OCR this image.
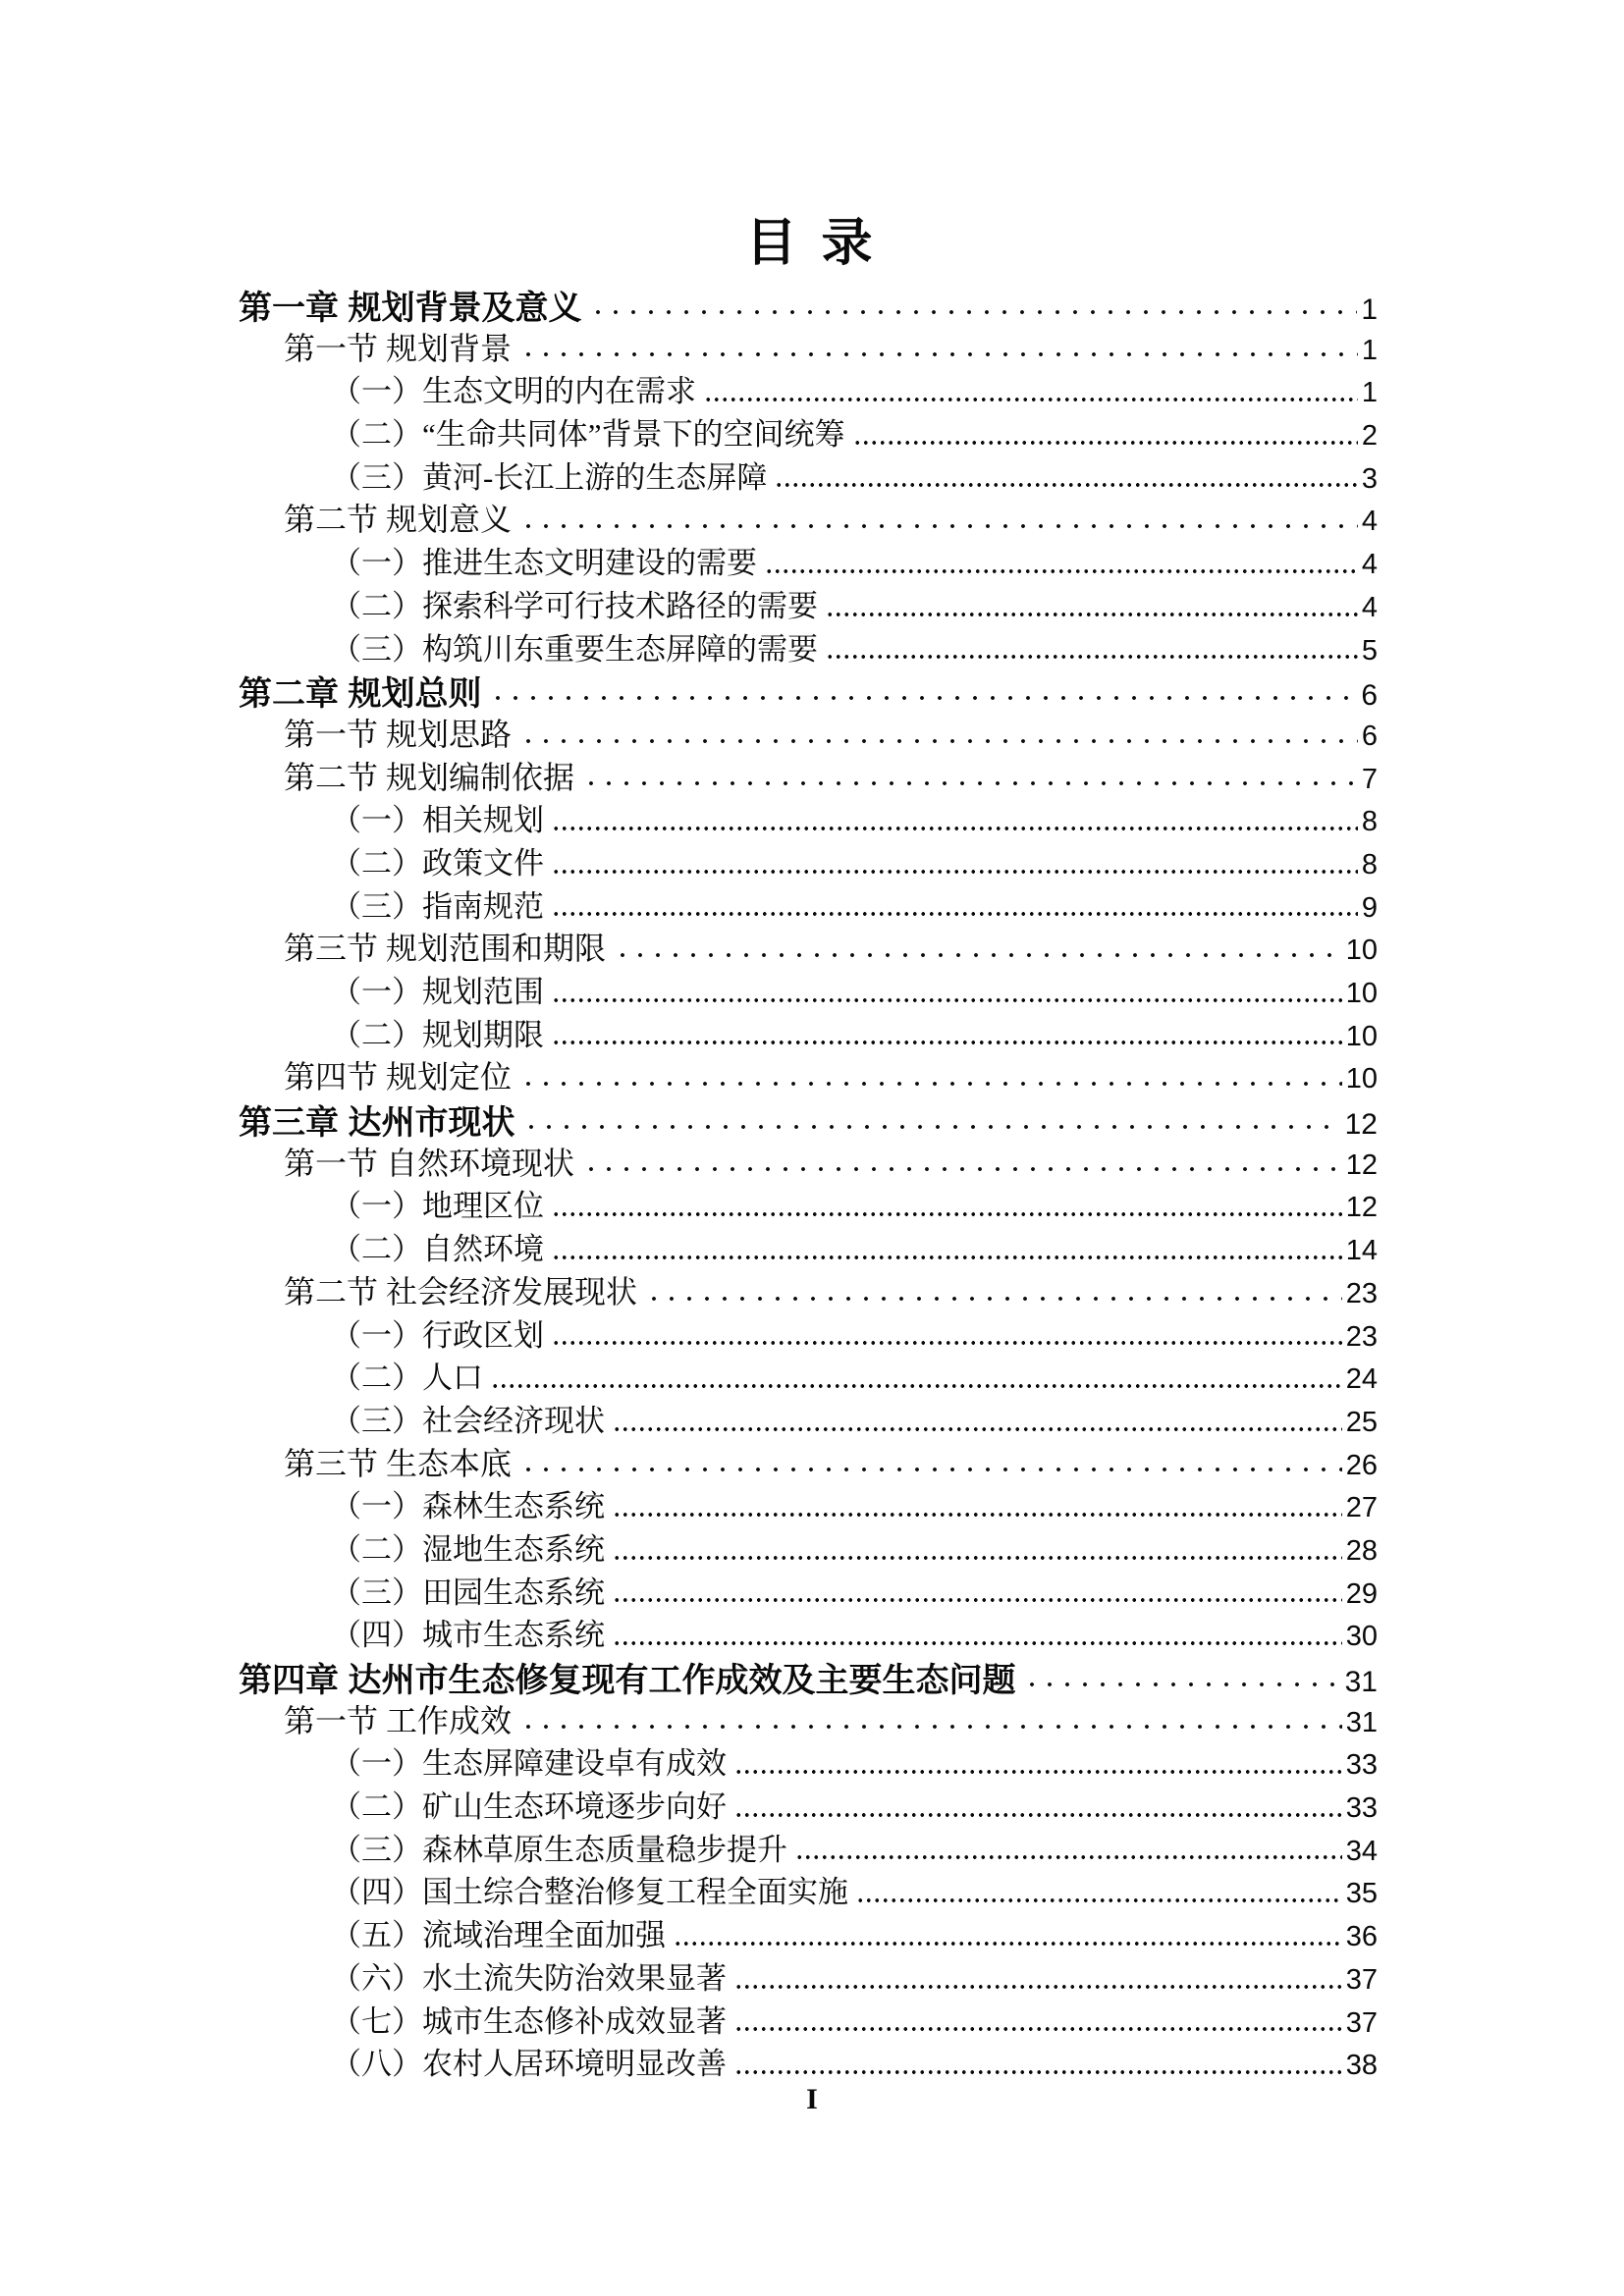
目 录
第一章 规划背景及意义	1
第一节 规划背景	1
（一）生态文明的内在需求	1
（二）“生命共同体”背景下的空间统筹	2
（三）黄河-长江上游的生态屏障	3
第二节 规划意义	4
（一）推进生态文明建设的需要	4
（二）探索科学可行技术路径的需要	4
（三）构筑川东重要生态屏障的需要	5
第二章 规划总则	6
第一节 规划思路	6
第二节 规划编制依据	7
（一）相关规划	8
（二）政策文件	8
（三）指南规范	9
第三节 规划范围和期限	10
（一）规划范围	10
（二）规划期限	10
第四节 规划定位	10
第三章 达州市现状	12
第一节 自然环境现状	12
（一）地理区位	12
（二）自然环境	14
第二节 社会经济发展现状	23
（一）行政区划	23
（二）人口	24
（三）社会经济现状	25
第三节 生态本底	26
（一）森林生态系统	27
（二）湿地生态系统	28
（三）田园生态系统	29
（四）城市生态系统	30
第四章 达州市生态修复现有工作成效及主要生态问题	31
第一节 工作成效	31
（一）生态屏障建设卓有成效	33
（二）矿山生态环境逐步向好	33
（三）森林草原生态质量稳步提升	34
（四）国土综合整治修复工程全面实施	35
（五）流域治理全面加强	36
（六）水土流失防治效果显著	37
（七）城市生态修补成效显著	37
（八）农村人居环境明显改善	38
I
